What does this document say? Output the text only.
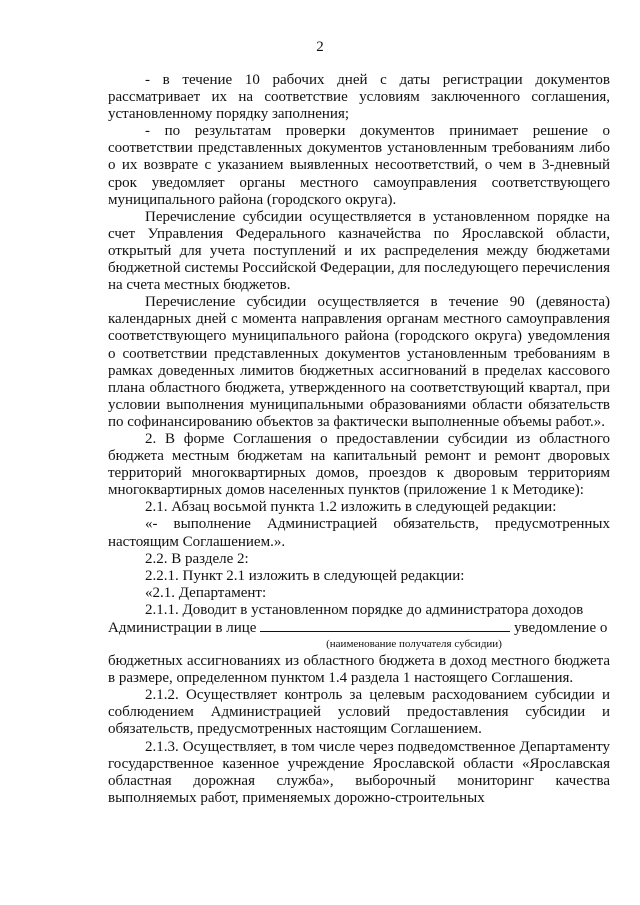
2

- в течение 10 рабочих дней с даты регистрации документов рассматривает их на соответствие условиям заключенного соглашения, установленному порядку заполнения;

- по результатам проверки документов принимает решение о соответствии представленных документов установленным требованиям либо о их возврате с указанием выявленных несоответствий, о чем в 3-дневный срок уведомляет органы местного самоуправления соответствующего муниципального района (городского округа).

Перечисление субсидии осуществляется в установленном порядке на счет Управления Федерального казначейства по Ярославской области, открытый для учета поступлений и их распределения между бюджетами бюджетной системы Российской Федерации, для последующего перечисления на счета местных бюджетов.

Перечисление субсидии осуществляется в течение 90 (девяноста) календарных дней с момента направления органам местного самоуправления соответствующего муниципального района (городского округа) уведомления о соответствии представленных документов установленным требованиям в рамках доведенных лимитов бюджетных ассигнований в пределах кассового плана областного бюджета, утвержденного на соответствующий квартал, при условии выполнения муниципальными образованиями области обязательств по софинансированию объектов за фактически выполненные объемы работ.».

2. В форме Соглашения о предоставлении субсидии из областного бюджета местным бюджетам на капитальный ремонт и ремонт дворовых территорий многоквартирных домов, проездов к дворовым территориям многоквартирных домов населенных пунктов (приложение 1 к Методике):

2.1. Абзац восьмой пункта 1.2 изложить в следующей редакции:

«- выполнение Администрацией обязательств, предусмотренных настоящим Соглашением.».

2.2. В разделе 2:

2.2.1. Пункт 2.1 изложить в следующей редакции:

«2.1. Департамент:

2.1.1. Доводит в установленном порядке до администратора доходов

Администрации в лице	уведомление о

(наименование получателя субсидии)

бюджетных ассигнованиях из областного бюджета в доход местного бюджета в размере, определенном пунктом 1.4 раздела 1 настоящего Соглашения.

2.1.2. Осуществляет контроль за целевым расходованием субсидии и соблюдением Администрацией условий предоставления субсидии и обязательств, предусмотренных настоящим Соглашением.

2.1.3. Осуществляет, в том числе через подведомственное Департаменту государственное казенное учреждение Ярославской области «Ярославская областная дорожная служба», выборочный мониторинг качества выполняемых работ, применяемых дорожно-строительных
